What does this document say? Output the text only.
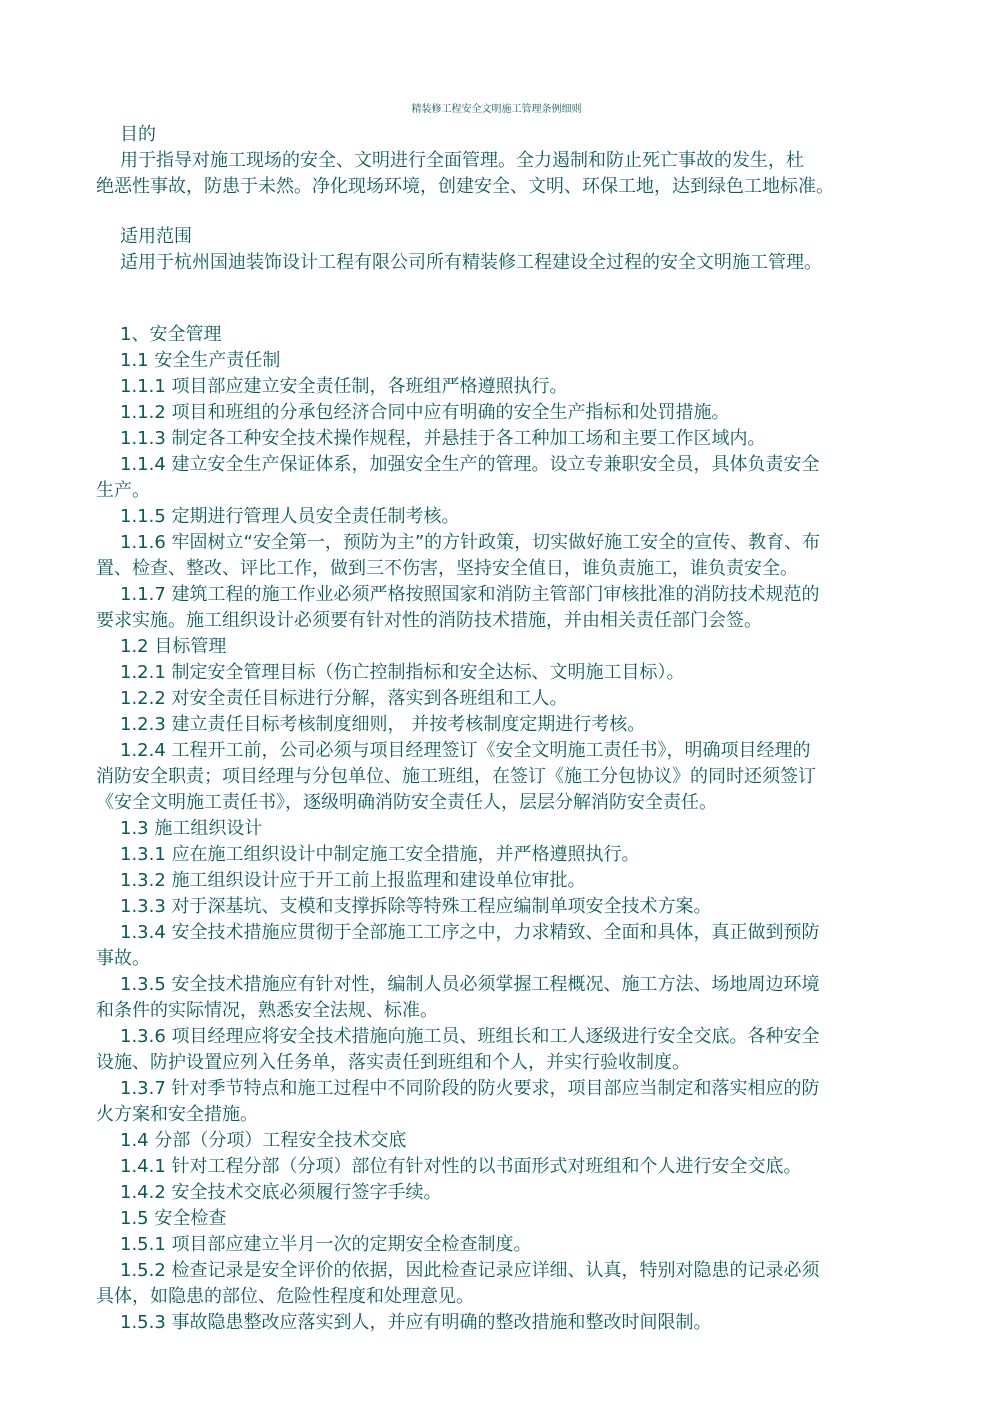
精装修工程安全文明施工管理条例细则
目的
用于指导对施工现场的安全、文明进行全面管理。全力遏制和防止死亡事故的发生，杜
绝恶性事故，防患于未然。净化现场环境，创建安全、文明、环保工地，达到绿色工地标准。
适用范围
适用于杭州国迪装饰设计工程有限公司所有精装修工程建设全过程的安全文明施工管理。
1、安全管理
1.1 安全生产责任制
1.1.1 项目部应建立安全责任制，各班组严格遵照执行。
1.1.2 项目和班组的分承包经济合同中应有明确的安全生产指标和处罚措施。
1.1.3 制定各工种安全技术操作规程，并悬挂于各工种加工场和主要工作区域内。
1.1.4 建立安全生产保证体系，加强安全生产的管理。设立专兼职安全员，具体负责安全
生产。
1.1.5 定期进行管理人员安全责任制考核。
1.1.6 牢固树立“安全第一，预防为主”的方针政策，切实做好施工安全的宣传、教育、布
置、检查、整改、评比工作，做到三不伤害，坚持安全值日，谁负责施工，谁负责安全。
1.1.7 建筑工程的施工作业必须严格按照国家和消防主管部门审核批准的消防技术规范的
要求实施。施工组织设计必须要有针对性的消防技术措施，并由相关责任部门会签。
1.2 目标管理
1.2.1 制定安全管理目标（伤亡控制指标和安全达标、文明施工目标）。
1.2.2 对安全责任目标进行分解，落实到各班组和工人。
1.2.3 建立责任目标考核制度细则， 并按考核制度定期进行考核。
1.2.4 工程开工前，公司必须与项目经理签订《安全文明施工责任书》，明确项目经理的
消防安全职责；项目经理与分包单位、施工班组，在签订《施工分包协议》的同时还须签订
《安全文明施工责任书》，逐级明确消防安全责任人，层层分解消防安全责任。
1.3 施工组织设计
1.3.1 应在施工组织设计中制定施工安全措施，并严格遵照执行。
1.3.2 施工组织设计应于开工前上报监理和建设单位审批。
1.3.3 对于深基坑、支模和支撑拆除等特殊工程应编制单项安全技术方案。
1.3.4 安全技术措施应贯彻于全部施工工序之中，力求精致、全面和具体，真正做到预防
事故。
1.3.5 安全技术措施应有针对性，编制人员必须掌握工程概况、施工方法、场地周边环境
和条件的实际情况，熟悉安全法规、标准。
1.3.6 项目经理应将安全技术措施向施工员、班组长和工人逐级进行安全交底。各种安全
设施、防护设置应列入任务单，落实责任到班组和个人，并实行验收制度。
1.3.7 针对季节特点和施工过程中不同阶段的防火要求，项目部应当制定和落实相应的防
火方案和安全措施。
1.4 分部（分项）工程安全技术交底
1.4.1 针对工程分部（分项）部位有针对性的以书面形式对班组和个人进行安全交底。
1.4.2 安全技术交底必须履行签字手续。
1.5 安全检查
1.5.1 项目部应建立半月一次的定期安全检查制度。
1.5.2 检查记录是安全评价的依据，因此检查记录应详细、认真，特别对隐患的记录必须
具体，如隐患的部位、危险性程度和处理意见。
1.5.3 事故隐患整改应落实到人，并应有明确的整改措施和整改时间限制。
